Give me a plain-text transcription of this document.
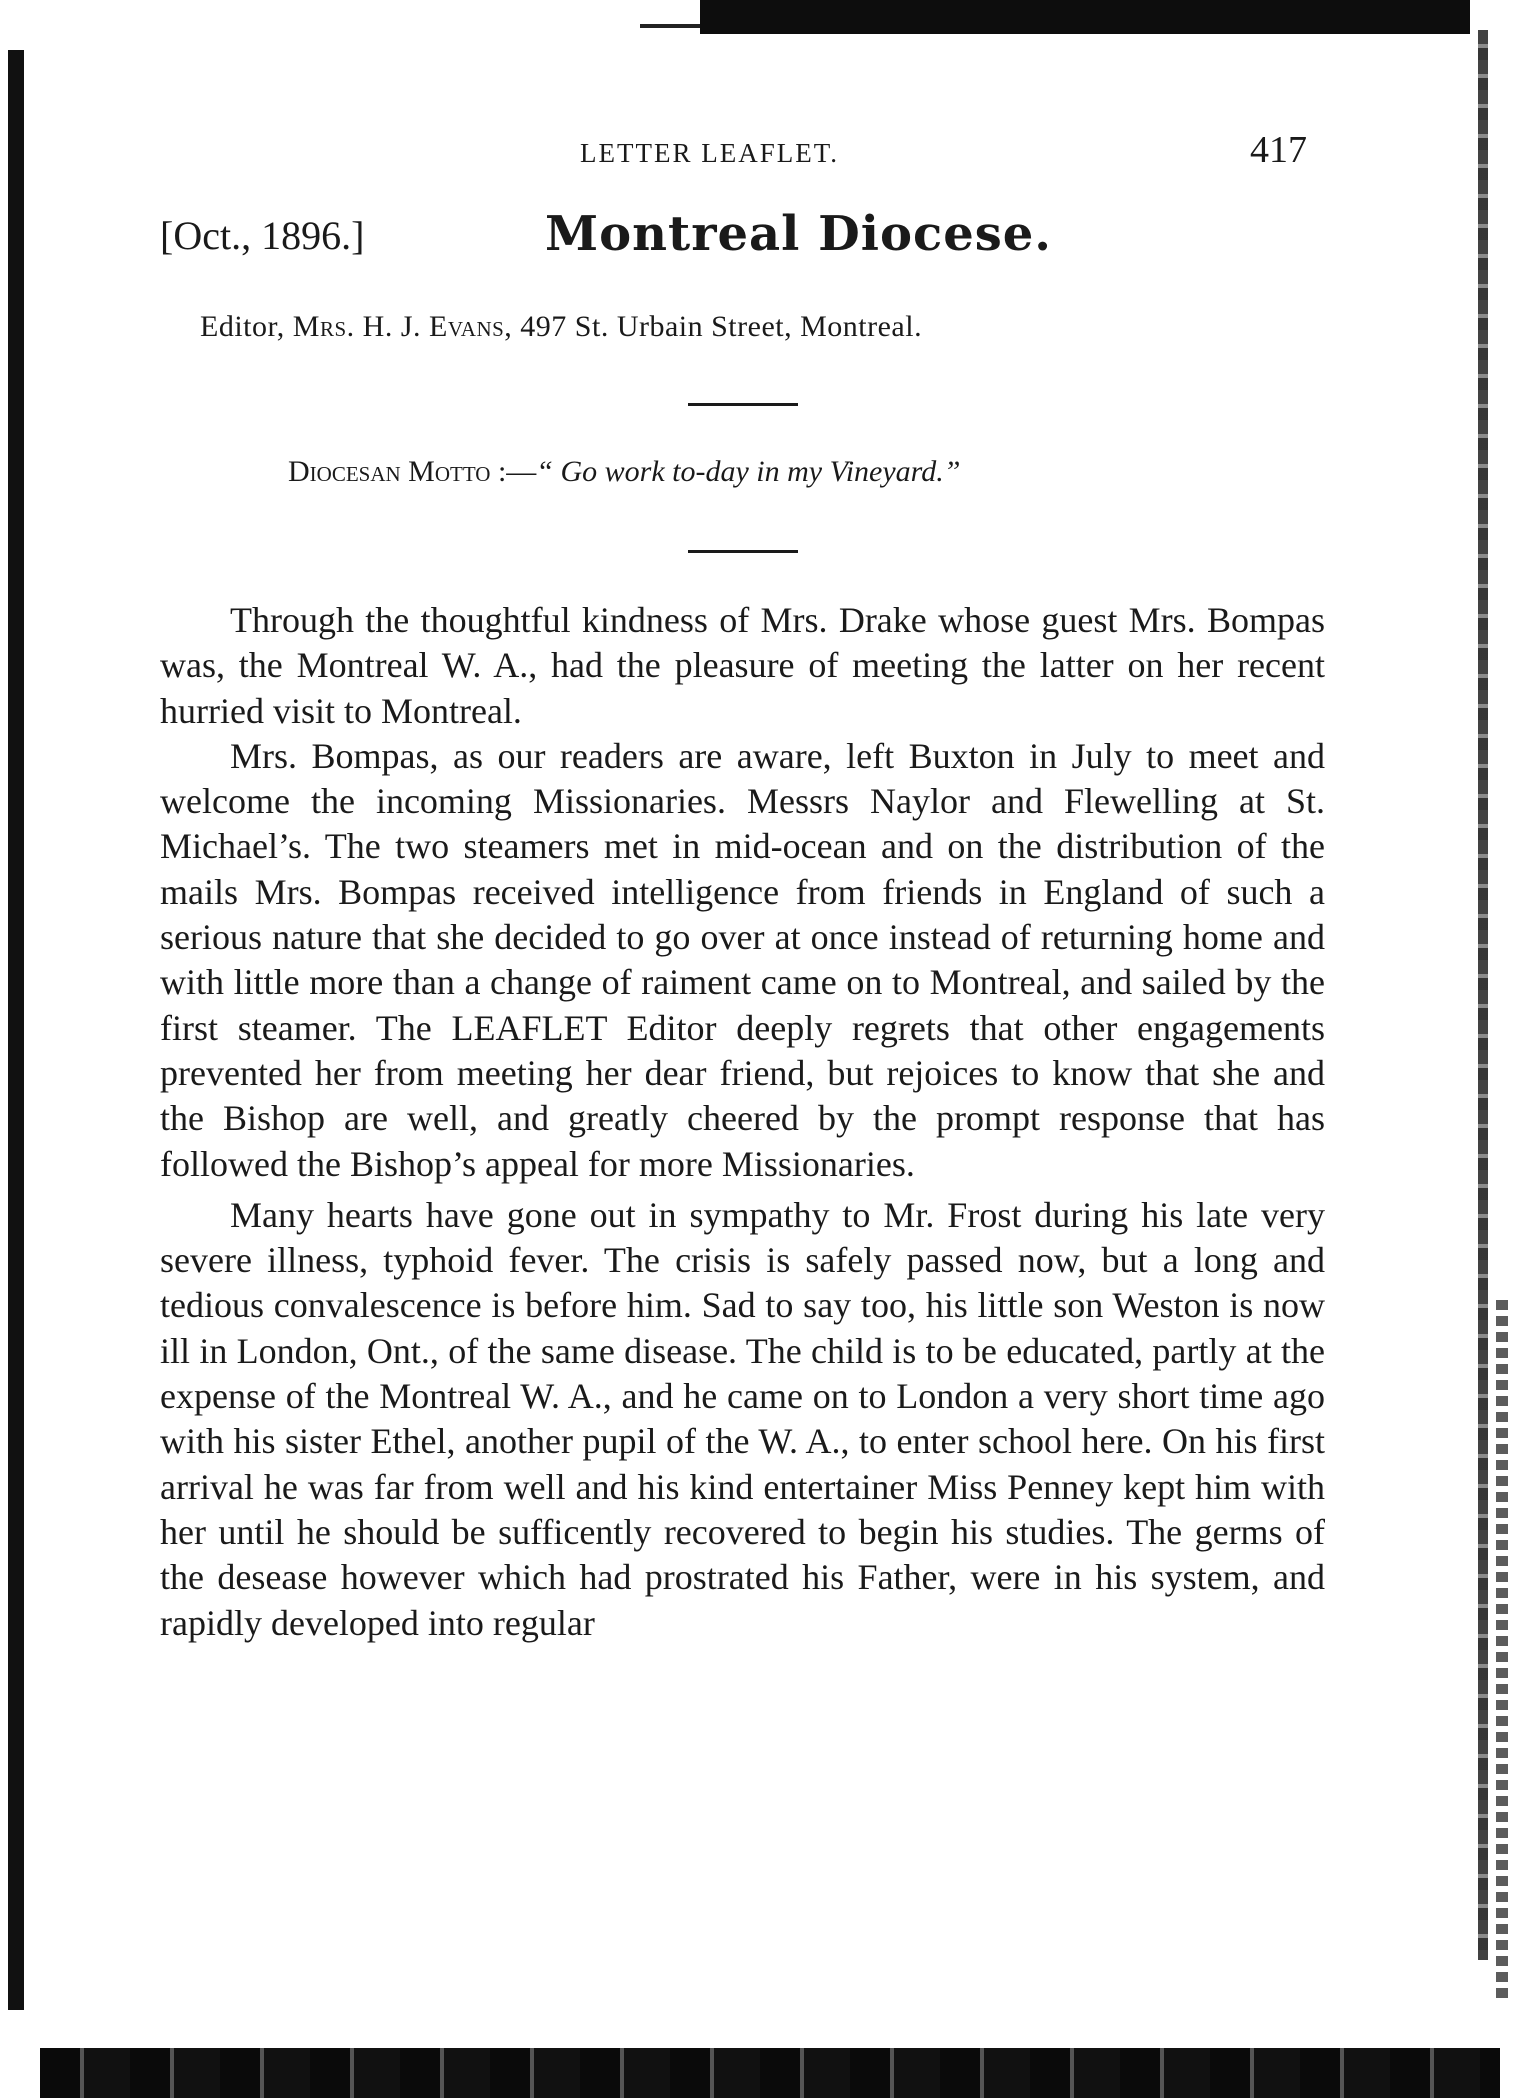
LETTER LEAFLET.	417
[Oct., 1896.]	Montreal Diocese.
Editor, Mrs. H. J. Evans, 497 St. Urbain Street, Montreal.
Diocesan Motto :—“ Go work to-day in my Vineyard.”

Through the thoughtful kindness of Mrs. Drake whose guest Mrs. Bompas was, the Montreal W. A., had the pleasure of meeting the latter on her recent hurried visit to Montreal.

Mrs. Bompas, as our readers are aware, left Buxton in July to meet and welcome the incoming Missionaries. Messrs Naylor and Flewelling at St. Michael’s. The two steamers met in mid-ocean and on the distribution of the mails Mrs. Bompas received intelligence from friends in England of such a serious nature that she decided to go over at once instead of returning home and with little more than a change of raiment came on to Montreal, and sailed by the first steamer. The LEAFLET Editor deeply regrets that other engagements prevented her from meeting her dear friend, but rejoices to know that she and the Bishop are well, and greatly cheered by the prompt response that has followed the Bishop’s appeal for more Missionaries.

Many hearts have gone out in sympathy to Mr. Frost during his late very severe illness, typhoid fever. The crisis is safely passed now, but a long and tedious convalescence is before him. Sad to say too, his little son Weston is now ill in London, Ont., of the same disease. The child is to be educated, partly at the expense of the Montreal W. A., and he came on to London a very short time ago with his sister Ethel, another pupil of the W. A., to enter school here. On his first arrival he was far from well and his kind entertainer Miss Penney kept him with her until he should be sufficently recovered to begin his studies. The germs of the desease however which had prostrated his Father, were in his system, and rapidly developed into regular
